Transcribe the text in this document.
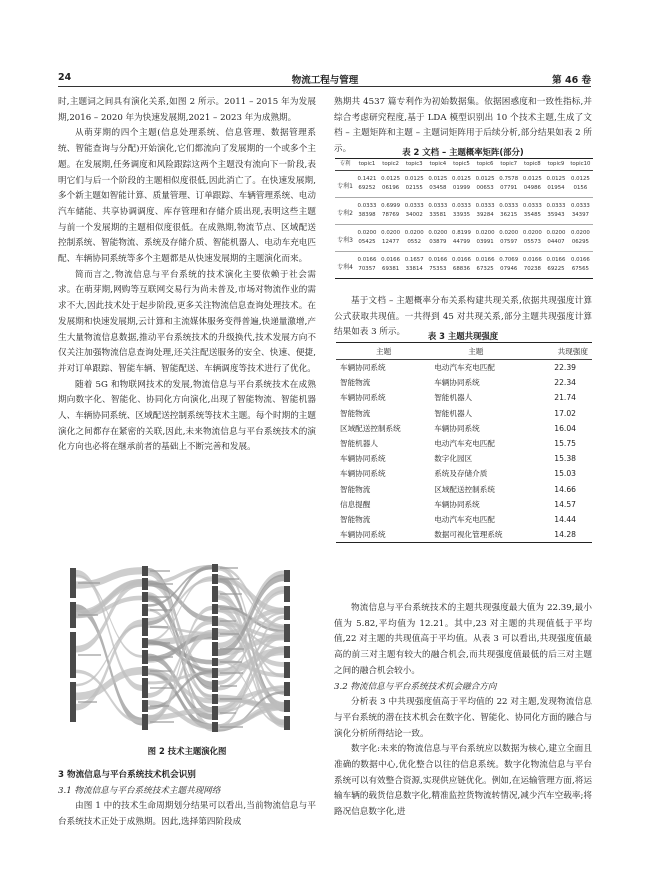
24	物流工程与管理	第 46 卷

时,主题词之间具有演化关系,如图 2 所示。2011 – 2015 年为发展期,2016 – 2020 年为快速发展期,2021 – 2023 年为成熟期。

从萌芽期的四个主题(信息处理系统、信息管理、数据管理系统、智能查询与分配)开始演化,它们都流向了发展期的一个或多个主题。在发展期,任务调度和风险跟踪这两个主题没有流向下一阶段,表明它们与后一个阶段的主题相似度很低,因此消亡了。在快速发展期,多个新主题如智能计算、质量管理、订单跟踪、车辆管理系统、电动汽车储能、共享协调调度、库存管理和存储介质出现,表明这些主题与前一个发展期的主题相似度很低。在成熟期,物流节点、区域配送控制系统、智能物流、系统及存储介质、智能机器人、电动车充电匹配、车辆协同系统等多个主题都是从快速发展期的主题演化而来。

简而言之,物流信息与平台系统的技术演化主要依赖于社会需求。在萌芽期,网购等互联网交易行为尚未普及,市场对物流作业的需求不大,因此技术处于起步阶段,更多关注物流信息查询处理技术。在发展期和快速发展期,云计算和主流媒体服务变得普遍,快递量激增,产生大量物流信息数据,推动平台系统技术的升级换代,技术发展方向不仅关注加强物流信息查询处理,还关注配送服务的安全、快速、便捷,并对订单跟踪、智能车辆、智能配送、车辆调度等技术进行了优化。

随着 5G 和物联网技术的发展,物流信息与平台系统技术在成熟期向数字化、智能化、协同化方向演化,出现了智能物流、智能机器人、车辆协同系统、区域配送控制系统等技术主题。每个时期的主题演化之间都存在紧密的关联,因此,未来物流信息与平台系统技术的演化方向也必将在继承前者的基础上不断完善和发展。

图 2 技术主题演化图

3 物流信息与平台系统技术机会识别

3.1 物流信息与平台系统技术主题共现网络

由图 1 中的技术生命周期划分结果可以看出,当前物流信息与平台系统技术正处于成熟期。因此,选择第四阶段成

熟期共 4537 篇专利作为初始数据集。依据困惑度和一致性指标,并综合考虑研究程度,基于 LDA 模型识别出 10 个技术主题,生成了文档 – 主题矩阵和主题 – 主题词矩阵用于后续分析,部分结果如表 2 所示。	表 2 文档 – 主题概率矩阵(部分)
专利	topic1	topic2	topic3	topic4	topic5	topic6	topic7	topic8	topic9	topic10
专利1	0.1421	0.0125	0.0125	0.0125	0.0125	0.0125	0.7578	0.0125	0.0125	0.0125
	69252	06196	02155	03458	01999	00653	07791	04986	01954	0156
专利2	0.0333	0.6999	0.0333	0.0333	0.0333	0.0333	0.0333	0.0333	0.0333	0.0333
	38398	78769	34002	33581	33935	39284	36215	35485	35943	34397
专利3	0.0200	0.0200	0.0200	0.0200	0.8199	0.0200	0.0200	0.0200	0.0200	0.0200
	05425	12477	0552	03879	44799	03991	07597	05573	04407	06295
专利4	0.0166	0.0166	0.1657	0.0166	0.0166	0.0166	0.7069	0.0166	0.0166	0.0166
	70357	69381	33814	75353	68836	67325	07946	70238	69225	67565

基于文档 – 主题概率分布关系构建共现关系,依据共现强度计算公式获取共现值。一共得到 45 对共现关系,部分主题共现强度计算结果如表 3 所示。	表 3 主题共现强度
主题	主题	共现强度
车辆协同系统	电动汽车充电匹配	22.39
智能物流	车辆协同系统	22.34
车辆协同系统	智能机器人	21.74
智能物流	智能机器人	17.02
区域配送控制系统	车辆协同系统	16.04
智能机器人	电动汽车充电匹配	15.75
车辆协同系统	数字化园区	15.38
车辆协同系统	系统及存储介质	15.03
智能物流	区域配送控制系统	14.66
信息提醒	车辆协同系统	14.57
智能物流	电动汽车充电匹配	14.44
车辆协同系统	数据可视化管理系统	14.28

物流信息与平台系统技术的主题共现强度最大值为 22.39,最小值为 5.82,平均值为 12.21。其中,23 对主题的共现值低于平均值,22 对主题的共现值高于平均值。从表 3 可以看出,共现强度值最高的前三对主题有较大的融合机会,而共现强度值最低的后三对主题之间的融合机会较小。

3.2 物流信息与平台系统技术机会融合方向

分析表 3 中共现强度值高于平均值的 22 对主题,发现物流信息与平台系统的潜在技术机会在数字化、智能化、协同化方面的融合与演化分析所得结论一致。

数字化:未来的物流信息与平台系统应以数据为核心,建立全面且准确的数据中心,优化整合以往的信息系统。数字化物流信息与平台系统可以有效整合资源,实现供应链优化。例如,在运输管理方面,将运输车辆的载货信息数字化,精准监控货物流转情况,减少汽车空载率;将路况信息数字化,进
